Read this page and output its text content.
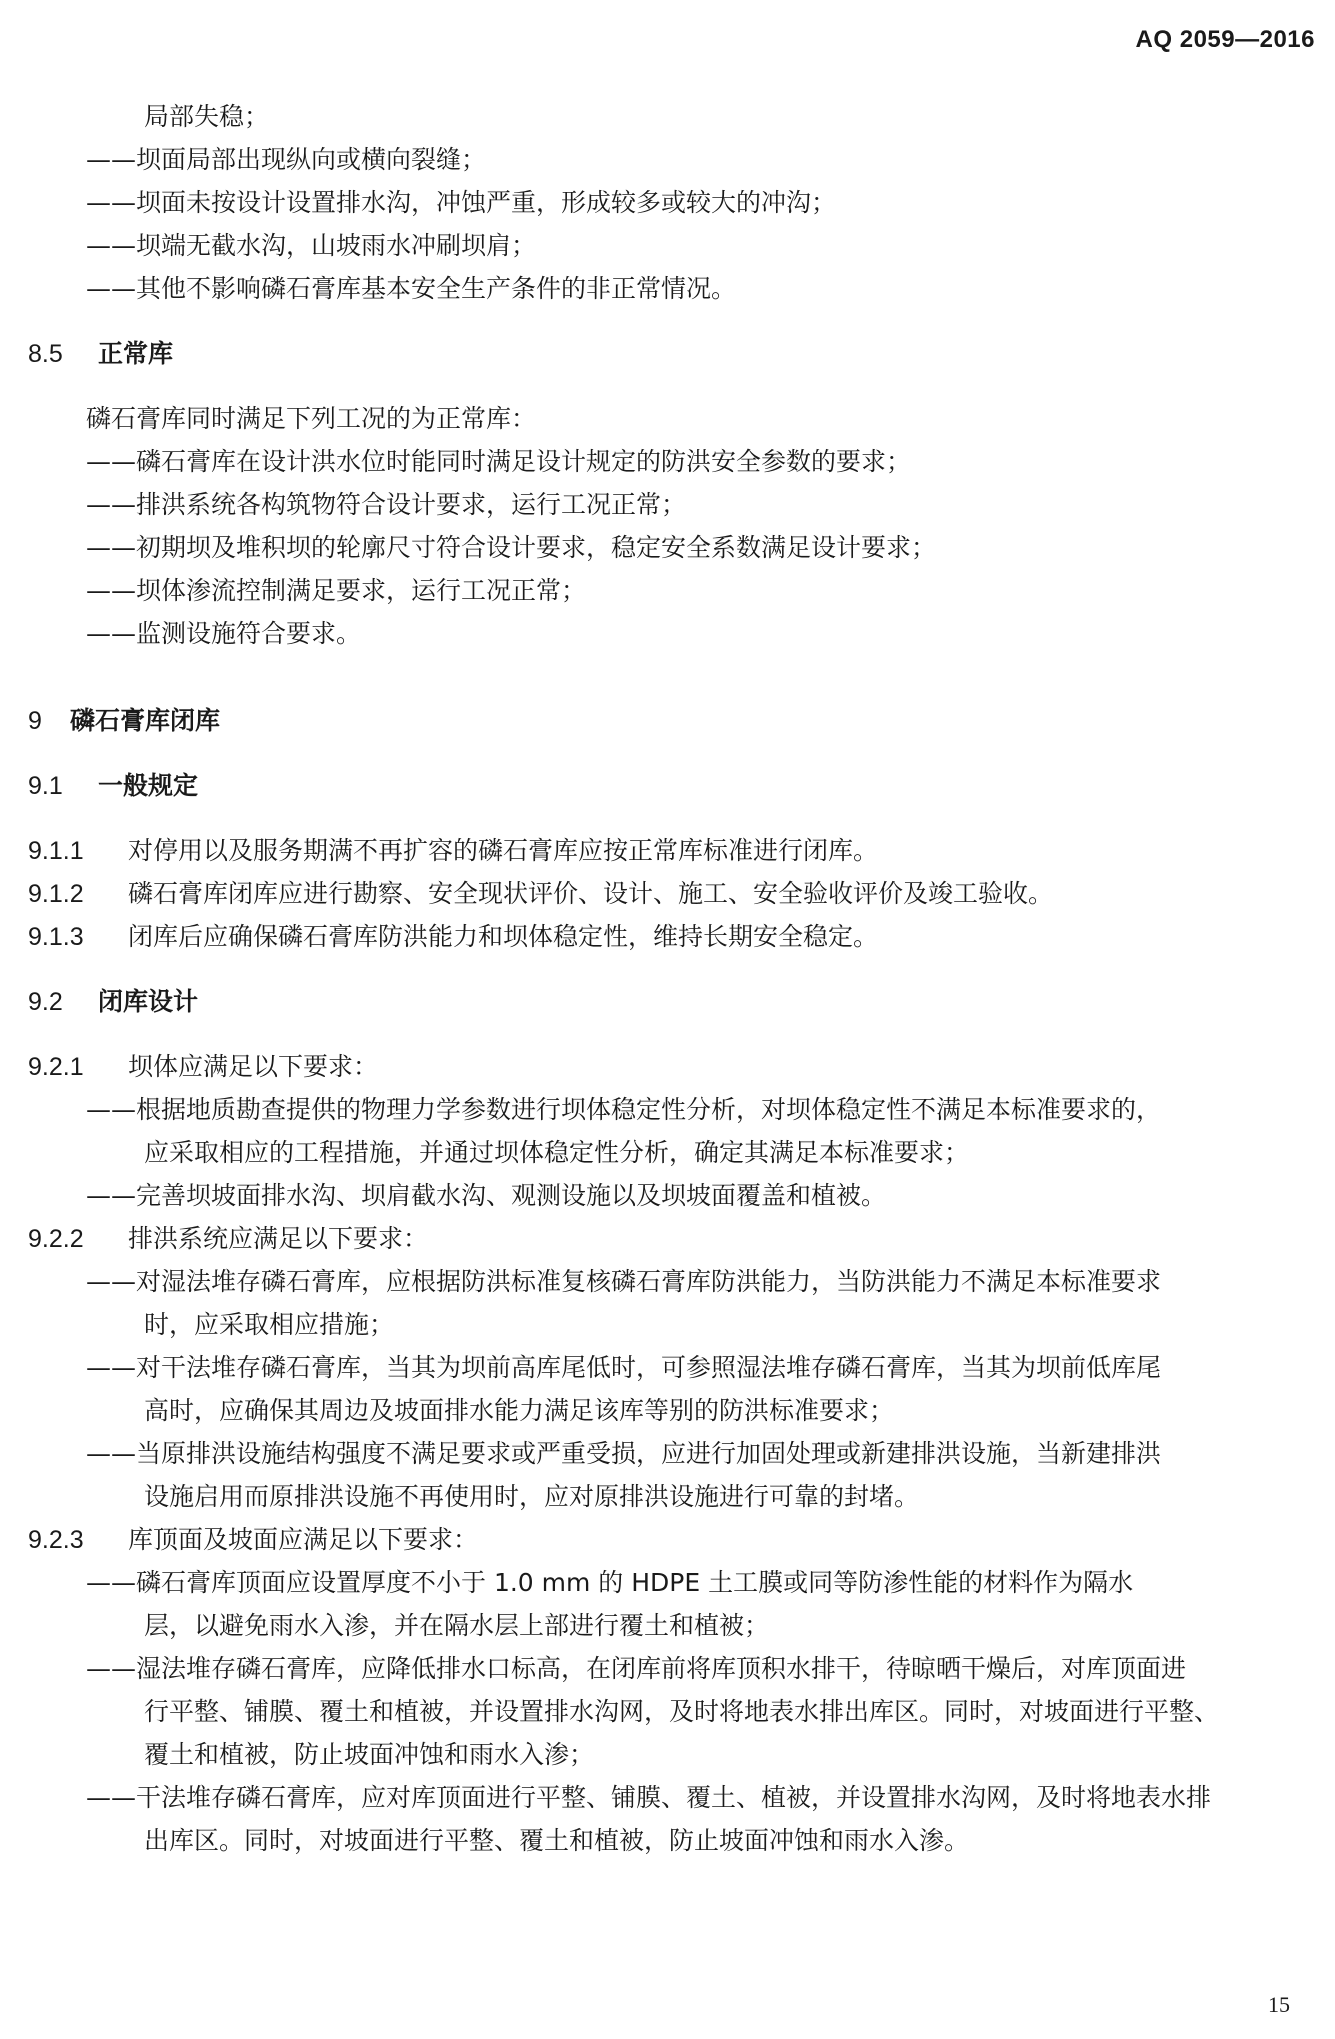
AQ 2059—2016
局部失稳；
——坝面局部出现纵向或横向裂缝；
——坝面未按设计设置排水沟，冲蚀严重，形成较多或较大的冲沟；
——坝端无截水沟，山坡雨水冲刷坝肩；
——其他不影响磷石膏库基本安全生产条件的非正常情况。
8.5 正常库
磷石膏库同时满足下列工况的为正常库：
——磷石膏库在设计洪水位时能同时满足设计规定的防洪安全参数的要求；
——排洪系统各构筑物符合设计要求，运行工况正常；
——初期坝及堆积坝的轮廓尺寸符合设计要求，稳定安全系数满足设计要求；
——坝体渗流控制满足要求，运行工况正常；
——监测设施符合要求。
9 磷石膏库闭库
9.1 一般规定
9.1.1 对停用以及服务期满不再扩容的磷石膏库应按正常库标准进行闭库。
9.1.2 磷石膏库闭库应进行勘察、安全现状评价、设计、施工、安全验收评价及竣工验收。
9.1.3 闭库后应确保磷石膏库防洪能力和坝体稳定性，维持长期安全稳定。
9.2 闭库设计
9.2.1 坝体应满足以下要求：
——根据地质勘查提供的物理力学参数进行坝体稳定性分析，对坝体稳定性不满足本标准要求的，
应采取相应的工程措施，并通过坝体稳定性分析，确定其满足本标准要求；
——完善坝坡面排水沟、坝肩截水沟、观测设施以及坝坡面覆盖和植被。
9.2.2 排洪系统应满足以下要求：
——对湿法堆存磷石膏库，应根据防洪标准复核磷石膏库防洪能力，当防洪能力不满足本标准要求
时，应采取相应措施；
——对干法堆存磷石膏库，当其为坝前高库尾低时，可参照湿法堆存磷石膏库，当其为坝前低库尾
高时，应确保其周边及坡面排水能力满足该库等别的防洪标准要求；
——当原排洪设施结构强度不满足要求或严重受损，应进行加固处理或新建排洪设施，当新建排洪
设施启用而原排洪设施不再使用时，应对原排洪设施进行可靠的封堵。
9.2.3 库顶面及坡面应满足以下要求：
——磷石膏库顶面应设置厚度不小于 1.0 mm 的 HDPE 土工膜或同等防渗性能的材料作为隔水
层，以避免雨水入渗，并在隔水层上部进行覆土和植被；
——湿法堆存磷石膏库，应降低排水口标高，在闭库前将库顶积水排干，待晾晒干燥后，对库顶面进
行平整、铺膜、覆土和植被，并设置排水沟网，及时将地表水排出库区。同时，对坡面进行平整、
覆土和植被，防止坡面冲蚀和雨水入渗；
——干法堆存磷石膏库，应对库顶面进行平整、铺膜、覆土、植被，并设置排水沟网，及时将地表水排
出库区。同时，对坡面进行平整、覆土和植被，防止坡面冲蚀和雨水入渗。
15
